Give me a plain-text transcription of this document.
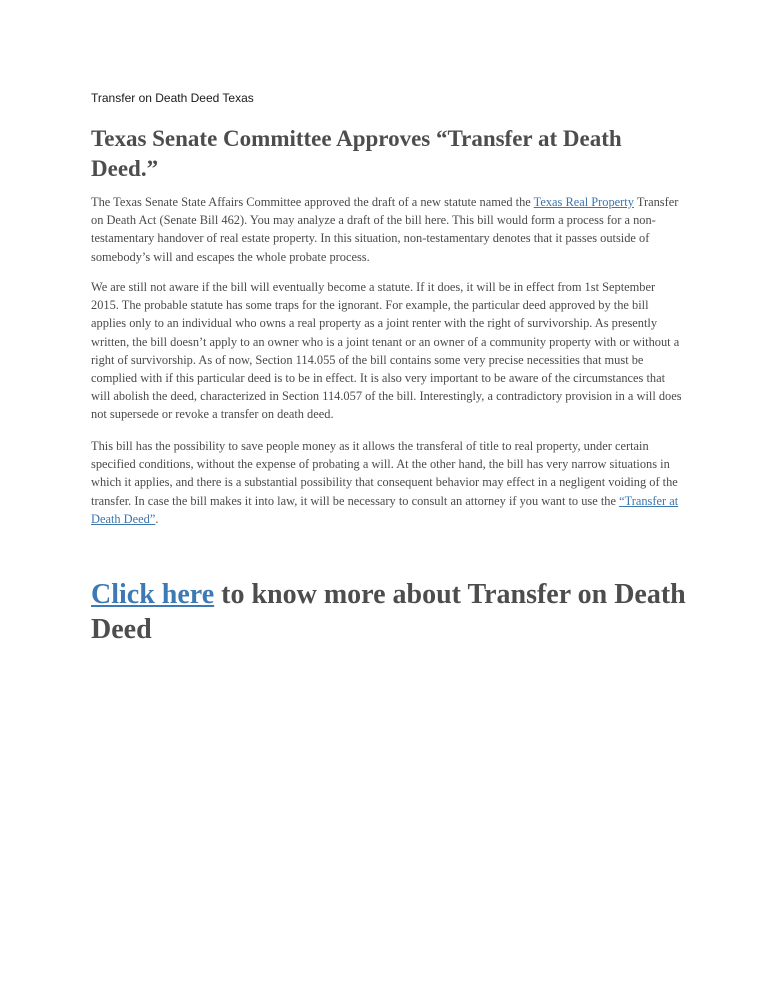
Transfer on Death Deed Texas

Texas Senate Committee Approves “Transfer at Death Deed.”

The Texas Senate State Affairs Committee approved the draft of a new statute named the Texas Real Property Transfer on Death Act (Senate Bill 462). You may analyze a draft of the bill here. This bill would form a process for a non-testamentary handover of real estate property. In this situation, non-testamentary denotes that it passes outside of somebody’s will and escapes the whole probate process.

We are still not aware if the bill will eventually become a statute. If it does, it will be in effect from 1st September 2015. The probable statute has some traps for the ignorant. For example, the particular deed approved by the bill applies only to an individual who owns a real property as a joint renter with the right of survivorship. As presently written, the bill doesn’t apply to an owner who is a joint tenant or an owner of a community property with or without a right of survivorship. As of now, Section 114.055 of the bill contains some very precise necessities that must be complied with if this particular deed is to be in effect. It is also very important to be aware of the circumstances that will abolish the deed, characterized in Section 114.057 of the bill. Interestingly, a contradictory provision in a will does not supersede or revoke a transfer on death deed.

This bill has the possibility to save people money as it allows the transferal of title to real property, under certain specified conditions, without the expense of probating a will. At the other hand, the bill has very narrow situations in which it applies, and there is a substantial possibility that consequent behavior may effect in a negligent voiding of the transfer. In case the bill makes it into law, it will be necessary to consult an attorney if you want to use the “Transfer at Death Deed”.

Click here to know more about Transfer on Death Deed
